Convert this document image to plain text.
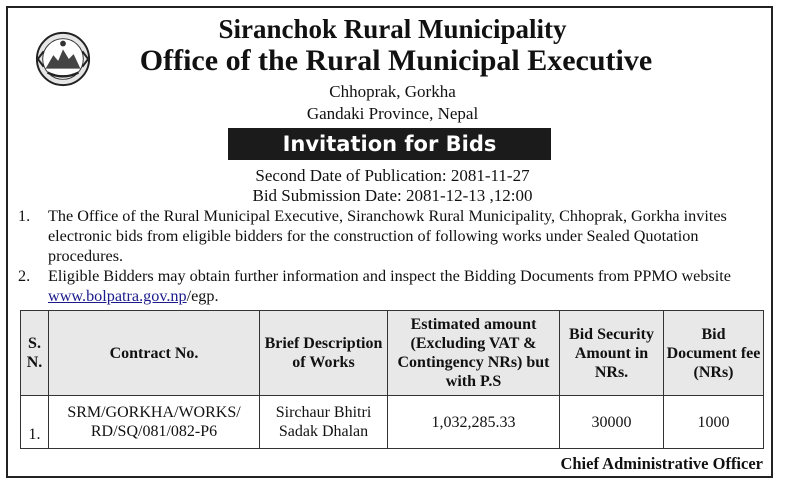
Siranchok Rural Municipality
Office of the Rural Municipal Executive
Chhoprak, Gorkha
Gandaki Province, Nepal
Invitation for Bids
Second Date of Publication: 2081-11-27
Bid Submission Date: 2081-12-13 ,12:00
1. The Office of the Rural Municipal Executive, Siranchowk Rural Municipality, Chhoprak, Gorkha invites electronic bids from eligible bidders for the construction of following works under Sealed Quotation procedures.
2. Eligible Bidders may obtain further information and inspect the Bidding Documents from PPMO website  www.bolpatra.gov.np/egp.
S. N.	Contract No.	Brief Description of Works	Estimated amount (Excluding VAT & Contingency NRs) but with P.S	Bid Security Amount in NRs.	Bid Document fee (NRs)
1.	SRM/GORKHA/WORKS/ RD/SQ/081/082-P6	Sirchaur Bhitri Sadak Dhalan	1,032,285.33	30000	1000
Chief Administrative Officer
